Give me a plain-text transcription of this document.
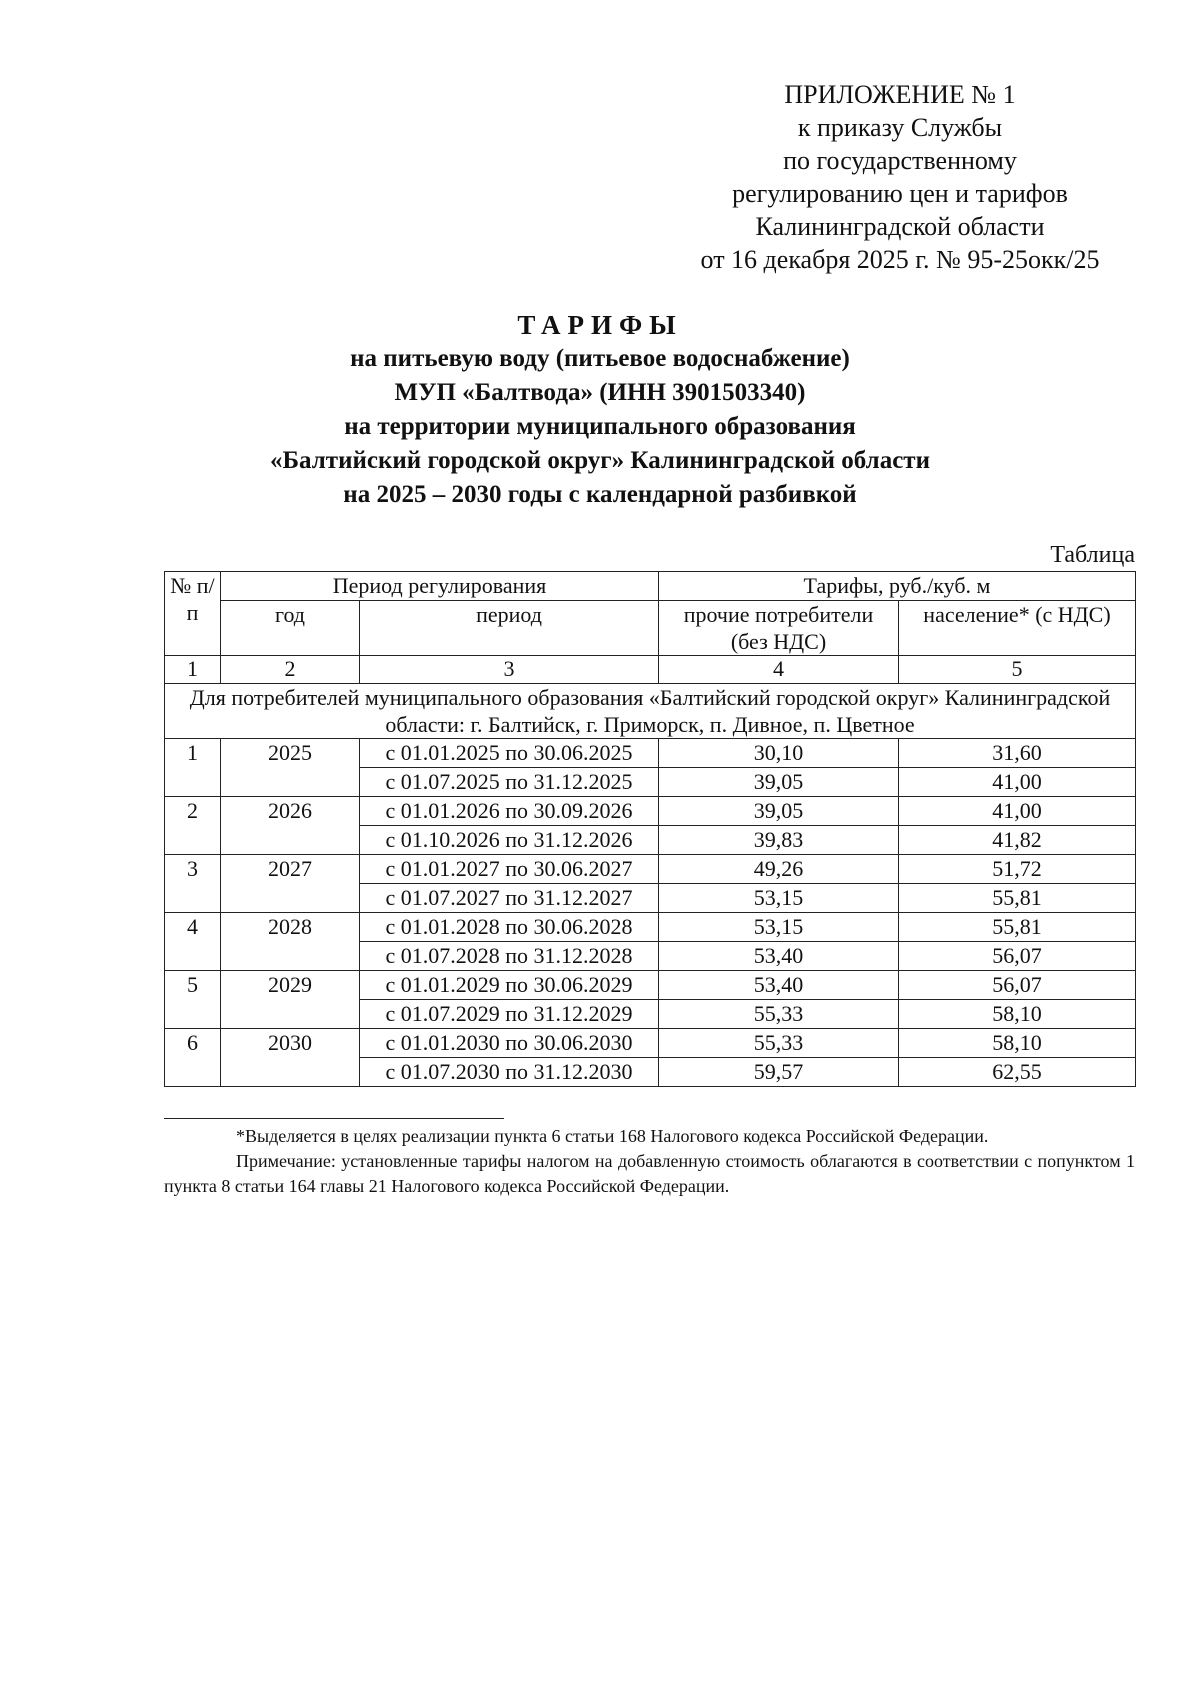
ПРИЛОЖЕНИЕ № 1
к приказу Службы
по государственному
регулированию цен и тарифов
Калининградской области
от 16 декабря 2025 г. № 95-25окк/25
ТАРИФЫ
на питьевую воду (питьевое водоснабжение)
МУП «Балтвода» (ИНН 3901503340)
на территории муниципального образования
«Балтийский городской округ» Калининградской области
на 2025 – 2030 годы с календарной разбивкой
Таблица
№ п/п	Период регулирования		Тарифы, руб./куб. м	
	год	период	прочие потребители (без НДС)	население* (с НДС)
1	2	3	4	5
Для потребителей муниципального образования «Балтийский городской округ» Калининградской области: г. Балтийск, г. Приморск, п. Дивное, п. Цветное				
1	2025	с 01.01.2025 по 30.06.2025	30,10	31,60
		с 01.07.2025 по 31.12.2025	39,05	41,00
2	2026	с 01.01.2026 по 30.09.2026	39,05	41,00
		с 01.10.2026 по 31.12.2026	39,83	41,82
3	2027	с 01.01.2027 по 30.06.2027	49,26	51,72
		с 01.07.2027 по 31.12.2027	53,15	55,81
4	2028	с 01.01.2028 по 30.06.2028	53,15	55,81
		с 01.07.2028 по 31.12.2028	53,40	56,07
5	2029	с 01.01.2029 по 30.06.2029	53,40	56,07
		с 01.07.2029 по 31.12.2029	55,33	58,10
6	2030	с 01.01.2030 по 30.06.2030	55,33	58,10
		с 01.07.2030 по 31.12.2030	59,57	62,55

*Выделяется в целях реализации пункта 6 статьи 168 Налогового кодекса Российской Федерации.

Примечание: установленные тарифы налогом на добавленную стоимость облагаются в соответствии с попунктом 1 пункта 8 статьи 164 главы 21 Налогового кодекса Российской Федерации.
